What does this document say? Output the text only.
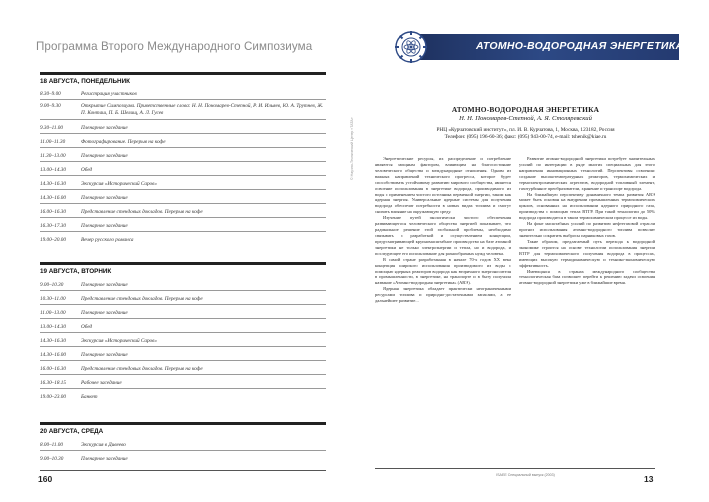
Программа Второго Международного Симпозиума
18 АВГУСТА, ПОНЕДЕЛЬНИК
8.30–9.00	Регистрация участников
9.00–9.30	Открытие Симпозиума. Приветственные слова: Н. Н. Пономарев-Степной, Р. И. Ильяев, Ю. А. Трутнев, Ж. П. Конташ, П. Б. Шелищ, А. Л. Гусев
9.30–11.00	Пленарное заседание
11.00–11.30	Фотографирование. Перерыв на кофе
11.30–13.00	Пленарное заседание
13.00–14.30	Обед
14.30–16.30	Экскурсия «Исторический Саров»
14.30–16.00	Пленарное заседание
16.00–16.30	Представление стендовых докладов. Перерыв на кофе
16.30–17.30	Пленарное заседание
19.00–20.00	Вечер русского романса
19 АВГУСТА, ВТОРНИК
9.00–10.30	Пленарное заседание
10.30–11.00	Представление стендовых докладов. Перерыв на кофе
11.00–13.00	Пленарное заседание
13.00–14.30	Обед
14.30–16.30	Экскурсия «Исторический Саров»
14.30–16.00	Пленарное заседание
16.00–16.30	Представление стендовых докладов. Перерыв на кофе
16.30–18.15	Рабочее заседание
19.00–23.00	Банкет
20 АВГУСТА, СРЕДА
8.00–11.00	Экскурсия в Дивеево
9.00–10.30	Пленарное заседание
160
© Научно-Технический Центр «TATA»
АТОМНО-ВОДОРОДНАЯ ЭНЕРГЕТИКА
АТОМНО-ВОДОРОДНАЯ ЭНЕРГЕТИКА
Н. Н. Пономарев-Степной, А. Я. Столяревский
РНЦ «Курчатовский институт», пл. И. В. Курчатова, 1, Москва, 123182, Россия
Телефон: (095) 196-60-36; факс: (095) 943-00-74, e-mail: tshenik@kiae.ru

Энергетические ресурсы, их распределение и потребление являются мощным фактором, влияющим на благосостояние человеческого общества и международные отношения. Одним из важных направлений технического прогресса, которое будет способствовать устойчивому развитию мирового сообщества, является освоение использования в энергетике водорода, производимого из воды с применением чистого источника первичной энергии, таким как ядерная энергия. Универсальные ядерные системы для получения водорода обеспечат потребности в новых видах топлива и смогут снизить влияние на окружающую среду.

Изучение путей экологически чистого обеспечения развивающегося человеческого общества энергией показывает, что радикальное решение этой глобальной проблемы, необходимо связывать с разработкой и осуществлением концепции, предусматривающей крупномасштабное производство на базе атомной энергетики не только электроэнергии и тепла, но и водорода, и последующее его использование для разнообразных нужд человека.

В самой стране разработанная в начале 70-х годов XX века концепция широкого использования производимого из воды с помощью ядерных реакторов водорода как вторичного энергоносителя в промышленности, в энергетике, на транспорте и в быту получила название «Атомно-водородная энергетика» (АВЭ).

Ядерная энергетика обладает практически неограниченными ресурсами топлива и природно-достаточными запасами, а ее дальнейшее развитие...

Развитие атомно-водородной энергетики потребует значительных усилий по интеграции в ряде многих специальных для этого направления инновационных технологий. Перспективы освоения: создание высокотемпературных реакторов, термохимических и термоэлектрохимических агрегатов, водородной топливный элемент, газотурбинное преобразователи, хранение и транспорт водорода.

На ближайшую перспективу динамичного темпа развития АВЭ может быть основан на внедрении промышленных термохимических циклов, основанных на использовании ядерного природного газа, производства с помощью тепла ВТГР. При такой технологии до 50% водорода производится в таком термохимическом процессе из воды.

На фоне масштабных усилий по развитию нефтегазовой отрасли прогноз использования атомно-водородного топлива позволит значительно сократить выбросы парниковых газов.

Такие образом, предлагаемый путь перехода к водородной экономике строится на основе технологии использования энергии ВТГР для термохимического получения водорода в процессах, имеющих высокую термодинамическую и технико-экономическую эффективность.

Имеющаяся в странах международного сообщества технологическая база позволяет перейти к решению задачи освоения атомно-водородной энергетики уже в ближайшие время.

ISAEE Специальный выпуск (2003)	13
